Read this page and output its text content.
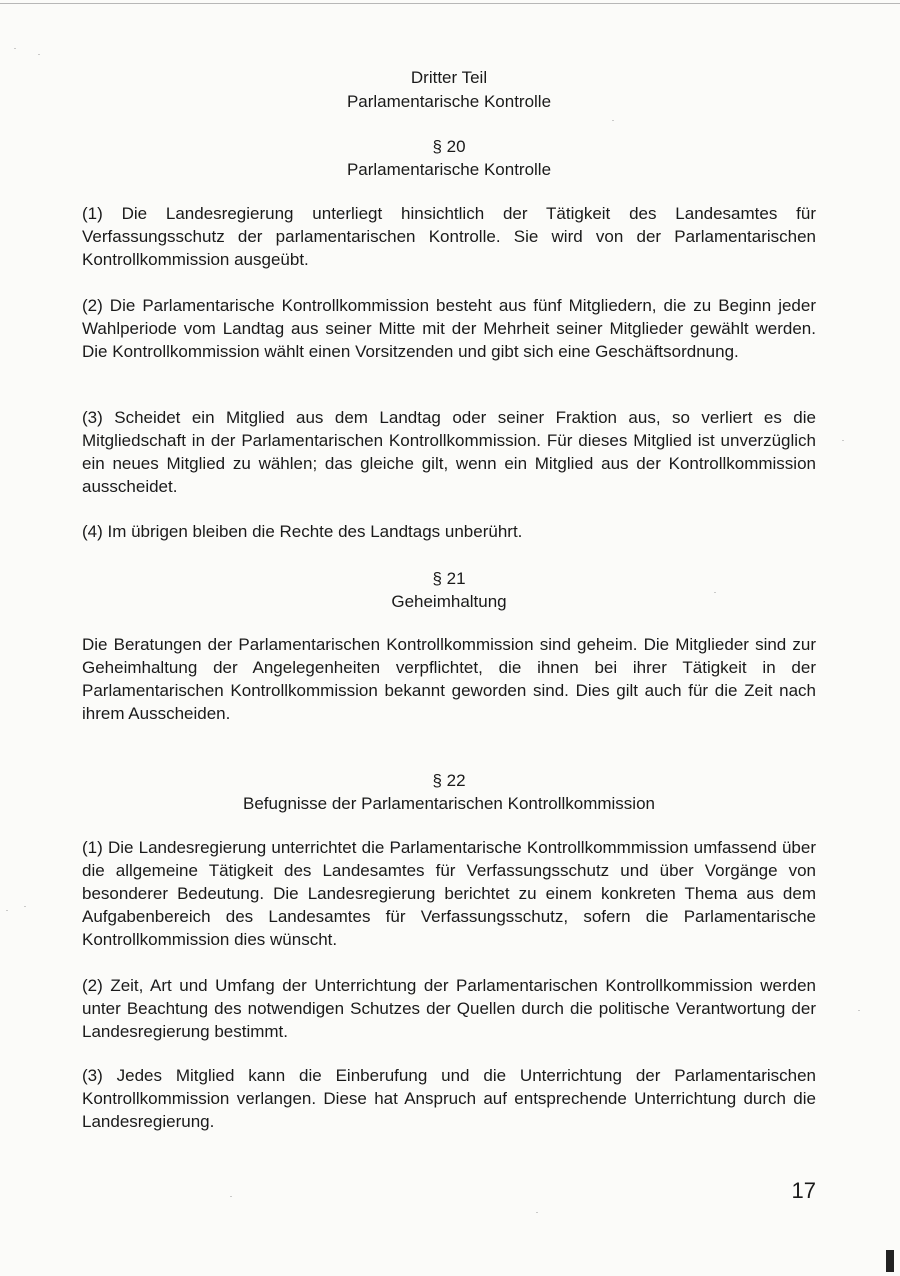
Dritter Teil
Parlamentarische Kontrolle
§ 20
Parlamentarische Kontrolle

(1) Die Landesregierung unterliegt hinsichtlich der Tätigkeit des Landesamtes für Verfassungsschutz der parlamentarischen Kontrolle. Sie wird von der Parlamentarischen Kontrollkommission ausgeübt.

(2) Die Parlamentarische Kontrollkommission besteht aus fünf Mitgliedern, die zu Beginn jeder Wahlperiode vom Landtag aus seiner Mitte mit der Mehrheit seiner Mitglieder gewählt werden. Die Kontrollkommission wählt einen Vorsitzenden und gibt sich eine Geschäftsordnung.

(3) Scheidet ein Mitglied aus dem Landtag oder seiner Fraktion aus, so verliert es die Mitgliedschaft in der Parlamentarischen Kontrollkommission. Für dieses Mitglied ist unverzüglich ein neues Mitglied zu wählen; das gleiche gilt, wenn ein Mitglied aus der Kontrollkommission ausscheidet.

(4) Im übrigen bleiben die Rechte des Landtags unberührt.

§ 21
Geheimhaltung

Die Beratungen der Parlamentarischen Kontrollkommission sind geheim. Die Mitglieder sind zur Geheimhaltung der Angelegenheiten verpflichtet, die ihnen bei ihrer Tätigkeit in der Parlamentarischen Kontrollkommission bekannt geworden sind. Dies gilt auch für die Zeit nach ihrem Ausscheiden.

§ 22
Befugnisse der Parlamentarischen Kontrollkommission

(1) Die Landesregierung unterrichtet die Parlamentarische Kontrollkommmission umfassend über die allgemeine Tätigkeit des Landesamtes für Verfassungsschutz und über Vorgänge von besonderer Bedeutung. Die Landesregierung berichtet zu einem konkreten Thema aus dem Aufgabenbereich des Landesamtes für Verfassungsschutz, sofern die Parlamentarische Kontrollkommission dies wünscht.

(2) Zeit, Art und Umfang der Unterrichtung der Parlamentarischen Kontrollkommission werden unter Beachtung des notwendigen Schutzes der Quellen durch die politische Verantwortung der Landesregierung bestimmt.

(3) Jedes Mitglied kann die Einberufung und die Unterrichtung der Parlamentarischen Kontrollkommission verlangen. Diese hat Anspruch auf entsprechende Unterrichtung durch die Landesregierung.

17
